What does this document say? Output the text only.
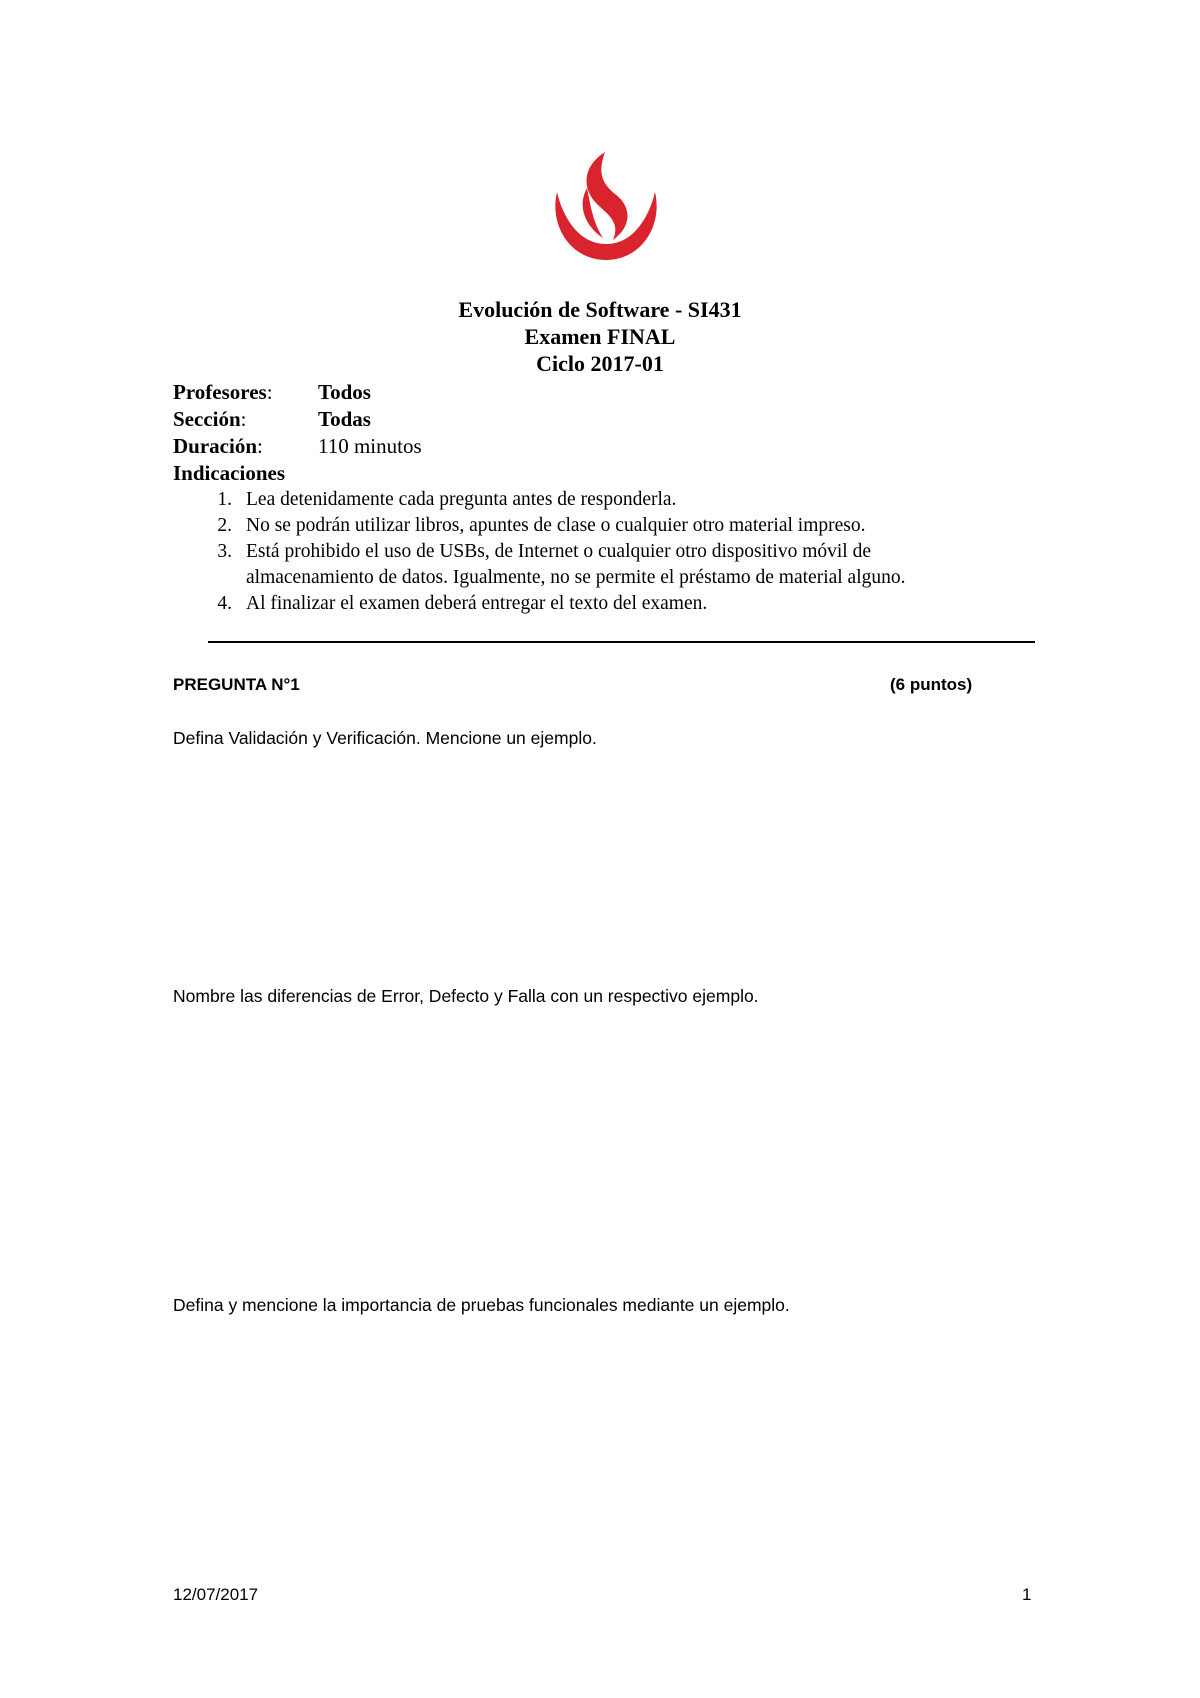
Evolución de Software - SI431
Examen FINAL
Ciclo 2017-01
Profesores:	Todos
Sección:	Todas
Duración:	110 minutos
Indicaciones
1. Lea detenidamente cada pregunta antes de responderla.
2. No se podrán utilizar libros, apuntes de clase o cualquier otro material impreso.
3. Está prohibido el uso de USBs, de Internet o cualquier otro dispositivo móvil de
almacenamiento de datos. Igualmente, no se permite el préstamo de material alguno.
4. Al finalizar el examen deberá entregar el texto del examen.
PREGUNTA N°1	(6 puntos)
Defina Validación y Verificación. Mencione un ejemplo.
Nombre las diferencias de Error, Defecto y Falla con un respectivo ejemplo.
Defina y mencione la importancia de pruebas funcionales mediante un ejemplo.
12/07/2017	1
